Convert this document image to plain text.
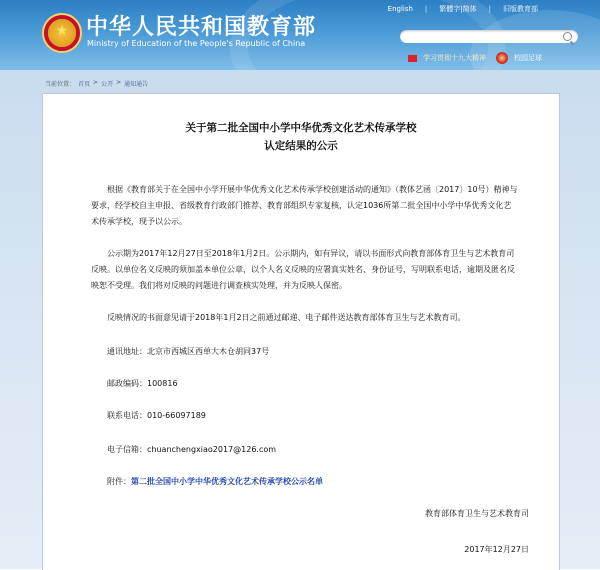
★ 中华人民共和国教育部
Ministry of Education of the People's Republic of China
English	|	繁體字|简体	|	旧版教育部
学习贯彻十九大精神	校园足球
当前位置： 首页 > 公开 > 通知通告
关于第二批全国中小学中华优秀文化艺术传承学校
认定结果的公示
根据《教育部关于在全国中小学开展中华优秀文化艺术传承学校创建活动的通知》（教体艺函〔2017〕10号）精神与要求，经学校自主申报、省级教育行政部门推荐、教育部组织专家复核，认定1036所第二批全国中小学中华优秀文化艺术传承学校，现予以公示。
公示期为2017年12月27日至2018年1月2日。公示期内，如有异议，请以书面形式向教育部体育卫生与艺术教育司反映。以单位名义反映的须加盖本单位公章，以个人名义反映的应署真实姓名、身份证号，写明联系电话，逾期及匿名反映恕不受理。我们将对反映的问题进行调查核实处理，并为反映人保密。
反映情况的书面意见请于2018年1月2日之前通过邮递、电子邮件送达教育部体育卫生与艺术教育司。
通讯地址：北京市西城区西单大木仓胡同37号
邮政编码：100816
联系电话：010-66097189
电子信箱：chuanchengxiao2017@126.com
附件：第二批全国中小学中华优秀文化艺术传承学校公示名单
教育部体育卫生与艺术教育司
2017年12月27日
